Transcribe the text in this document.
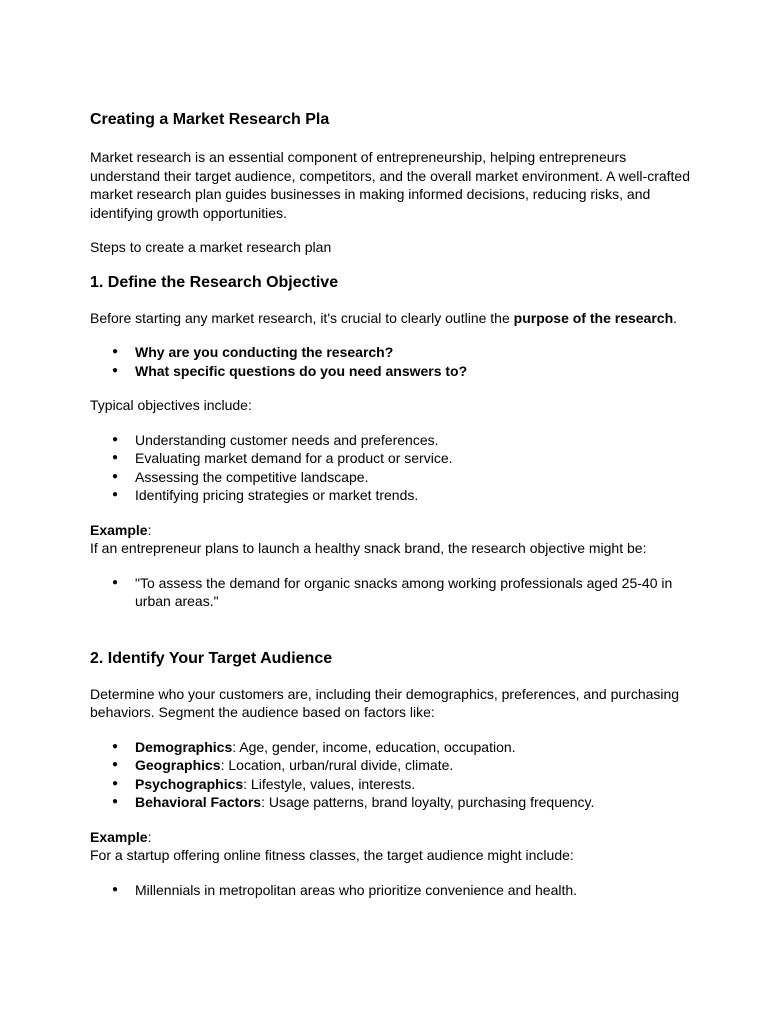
Creating a Market Research Pla

Market research is an essential component of entrepreneurship, helping entrepreneurs understand their target audience, competitors, and the overall market environment. A well-crafted market research plan guides businesses in making informed decisions, reducing risks, and identifying growth opportunities.

Steps to create a market research plan

1. Define the Research Objective

Before starting any market research, it's crucial to clearly outline the purpose of the research.

● Why are you conducting the research?
● What specific questions do you need answers to?

Typical objectives include:

● Understanding customer needs and preferences.
● Evaluating market demand for a product or service.
● Assessing the competitive landscape.
● Identifying pricing strategies or market trends.

Example:
If an entrepreneur plans to launch a healthy snack brand, the research objective might be:

● "To assess the demand for organic snacks among working professionals aged 25-40 in urban areas."
2. Identify Your Target Audience

Determine who your customers are, including their demographics, preferences, and purchasing behaviors. Segment the audience based on factors like:

● Demographics: Age, gender, income, education, occupation.
● Geographics: Location, urban/rural divide, climate.
● Psychographics: Lifestyle, values, interests.
● Behavioral Factors: Usage patterns, brand loyalty, purchasing frequency.

Example:
For a startup offering online fitness classes, the target audience might include:

● Millennials in metropolitan areas who prioritize convenience and health.
